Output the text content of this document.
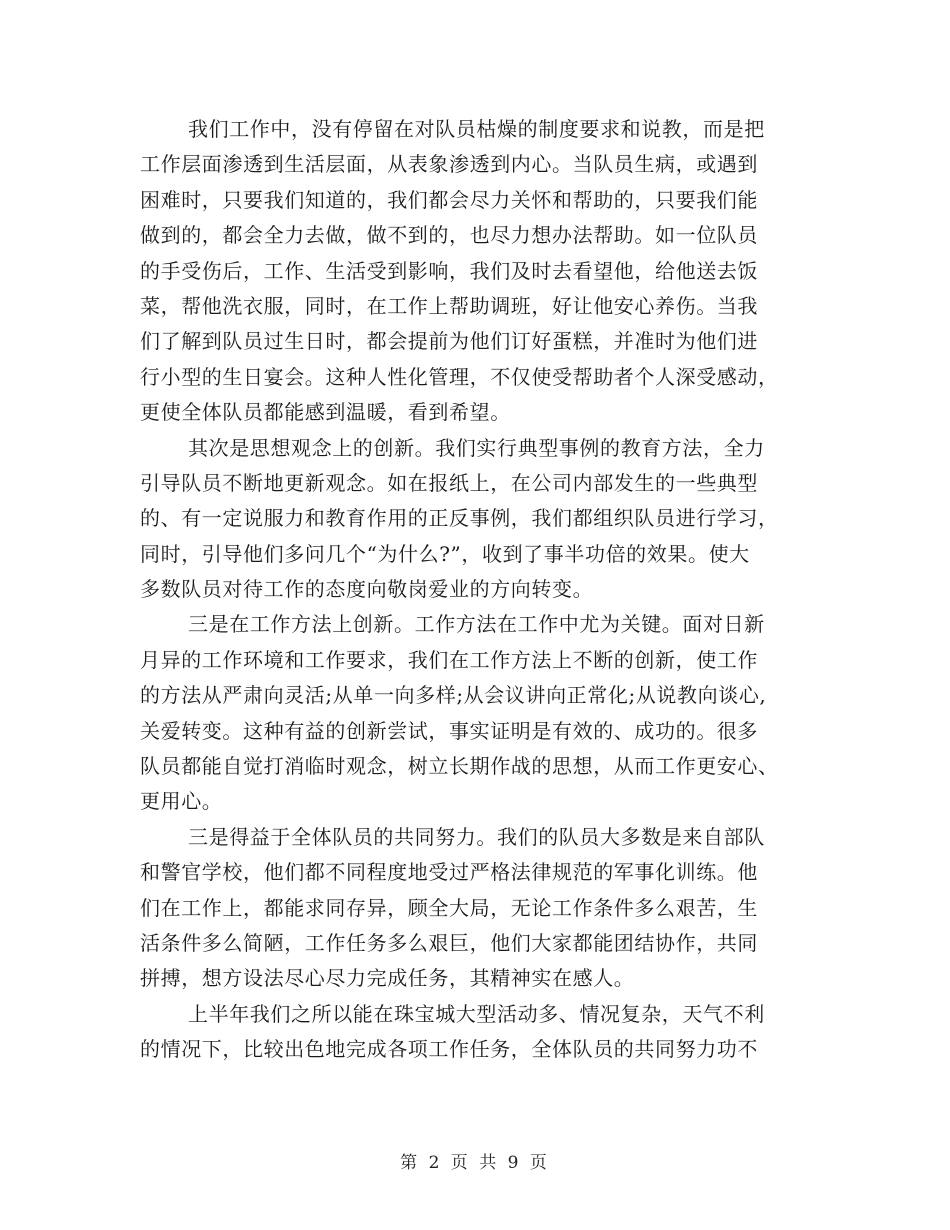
我们工作中，没有停留在对队员枯燥的制度要求和说教，而是把
工作层面渗透到生活层面，从表象渗透到内心。当队员生病，或遇到
困难时，只要我们知道的，我们都会尽力关怀和帮助的，只要我们能
做到的，都会全力去做，做不到的，也尽力想办法帮助。如一位队员
的手受伤后，工作、生活受到影响，我们及时去看望他，给他送去饭
菜，帮他洗衣服，同时，在工作上帮助调班，好让他安心养伤。当我
们了解到队员过生日时，都会提前为他们订好蛋糕，并准时为他们进
行小型的生日宴会。这种人性化管理，不仅使受帮助者个人深受感动，
更使全体队员都能感到温暖，看到希望。
其次是思想观念上的创新。我们实行典型事例的教育方法，全力
引导队员不断地更新观念。如在报纸上，在公司内部发生的一些典型
的、有一定说服力和教育作用的正反事例，我们都组织队员进行学习，
同时，引导他们多问几个“为什么?”，收到了事半功倍的效果。使大
多数队员对待工作的态度向敬岗爱业的方向转变。
三是在工作方法上创新。工作方法在工作中尤为关键。面对日新
月异的工作环境和工作要求，我们在工作方法上不断的创新，使工作
的方法从严肃向灵活;从单一向多样;从会议讲向正常化;从说教向谈心,
关爱转变。这种有益的创新尝试，事实证明是有效的、成功的。很多
队员都能自觉打消临时观念，树立长期作战的思想，从而工作更安心、
更用心。
三是得益于全体队员的共同努力。我们的队员大多数是来自部队
和警官学校，他们都不同程度地受过严格法律规范的军事化训练。他
们在工作上，都能求同存异，顾全大局，无论工作条件多么艰苦，生
活条件多么简陋，工作任务多么艰巨，他们大家都能团结协作，共同
拼搏，想方设法尽心尽力完成任务，其精神实在感人。
上半年我们之所以能在珠宝城大型活动多、情况复杂，天气不利
的情况下，比较出色地完成各项工作任务，全体队员的共同努力功不
第 2 页 共 9 页
